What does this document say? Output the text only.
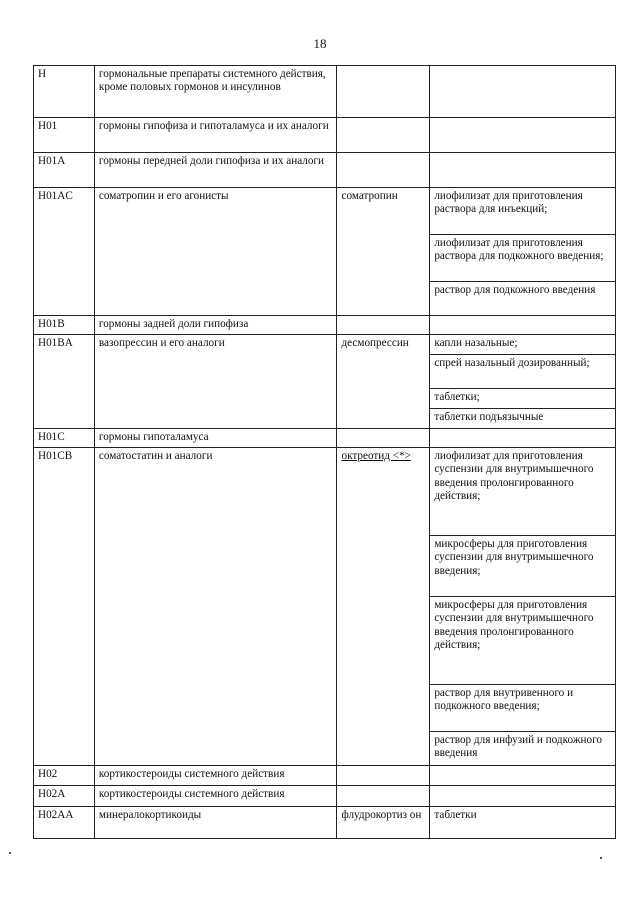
18
H	гормональные препараты системного действия, кроме половых гормонов и инсулинов
H01	гормоны гипофиза и гипоталамуса и их аналоги
H01A	гормоны передней доли гипофиза и их аналоги
H01AC	соматропин и его агонисты	соматропин	лиофилизат для приготовления раствора для инъекций;
лиофилизат для приготовления раствора для подкожного введения;
раствор для подкожного введения
H01B	гормоны задней доли гипофиза
H01BA	вазопрессин и его аналоги	десмопрессин	капли назальные;
спрей назальный дозированный;
таблетки;
таблетки подъязычные
H01C	гормоны гипоталамуса
H01CB	соматостатин и аналоги	октреотид <*>	лиофилизат для приготовления суспензии для внутримышечного введения пролонгированного действия;
микросферы для приготовления суспензии для внутримышечного введения;
микросферы для приготовления суспензии для внутримышечного введения пролонгированного действия;
раствор для внутривенного и подкожного введения;
раствор для инфузий и подкожного введения
H02	кортикостероиды системного действия
H02A	кортикостероиды системного действия
H02AA	минералокортикоиды	флудрокортиз он	таблетки
